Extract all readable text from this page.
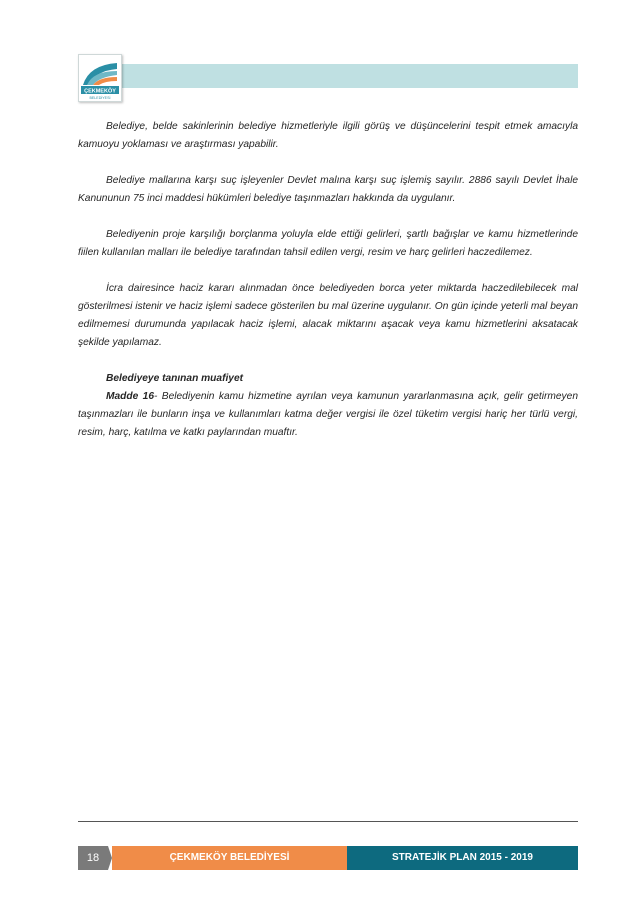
ÇEKMEKÖY
BELEDİYESİ

Belediye, belde sakinlerinin belediye hizmetleriyle ilgili görüş ve düşüncelerini tespit etmek amacıyla kamuoyu yoklaması ve araştırması yapabilir.

Belediye mallarına karşı suç işleyenler Devlet malına karşı suç işlemiş sayılır. 2886 sayılı Devlet İhale Kanununun 75 inci maddesi hükümleri belediye taşınmazları hakkında da uygulanır.

Belediyenin proje karşılığı borçlanma yoluyla elde ettiği gelirleri, şartlı bağışlar ve kamu hizmetlerinde fiilen kullanılan malları ile belediye tarafından tahsil edilen vergi, resim ve harç gelirleri haczedilemez.

İcra dairesince haciz kararı alınmadan önce belediyeden borca yeter miktarda haczedilebilecek mal gösterilmesi istenir ve haciz işlemi sadece gösterilen bu mal üzerine uygulanır. On gün içinde yeterli mal beyan edilmemesi durumunda yapılacak haciz işlemi, alacak miktarını aşacak veya kamu hizmetlerini aksatacak şekilde yapılamaz.

Belediyeye tanınan muafiyet

Madde 16- Belediyenin kamu hizmetine ayrılan veya kamunun yararlanmasına açık, gelir getirmeyen taşınmazları ile bunların inşa ve kullanımları katma değer vergisi ile özel tüketim vergisi hariç her türlü vergi, resim, harç, katılma ve katkı paylarından muaftır.

18	ÇEKMEKÖY BELEDİYESİ	STRATEJİK PLAN 2015 - 2019
